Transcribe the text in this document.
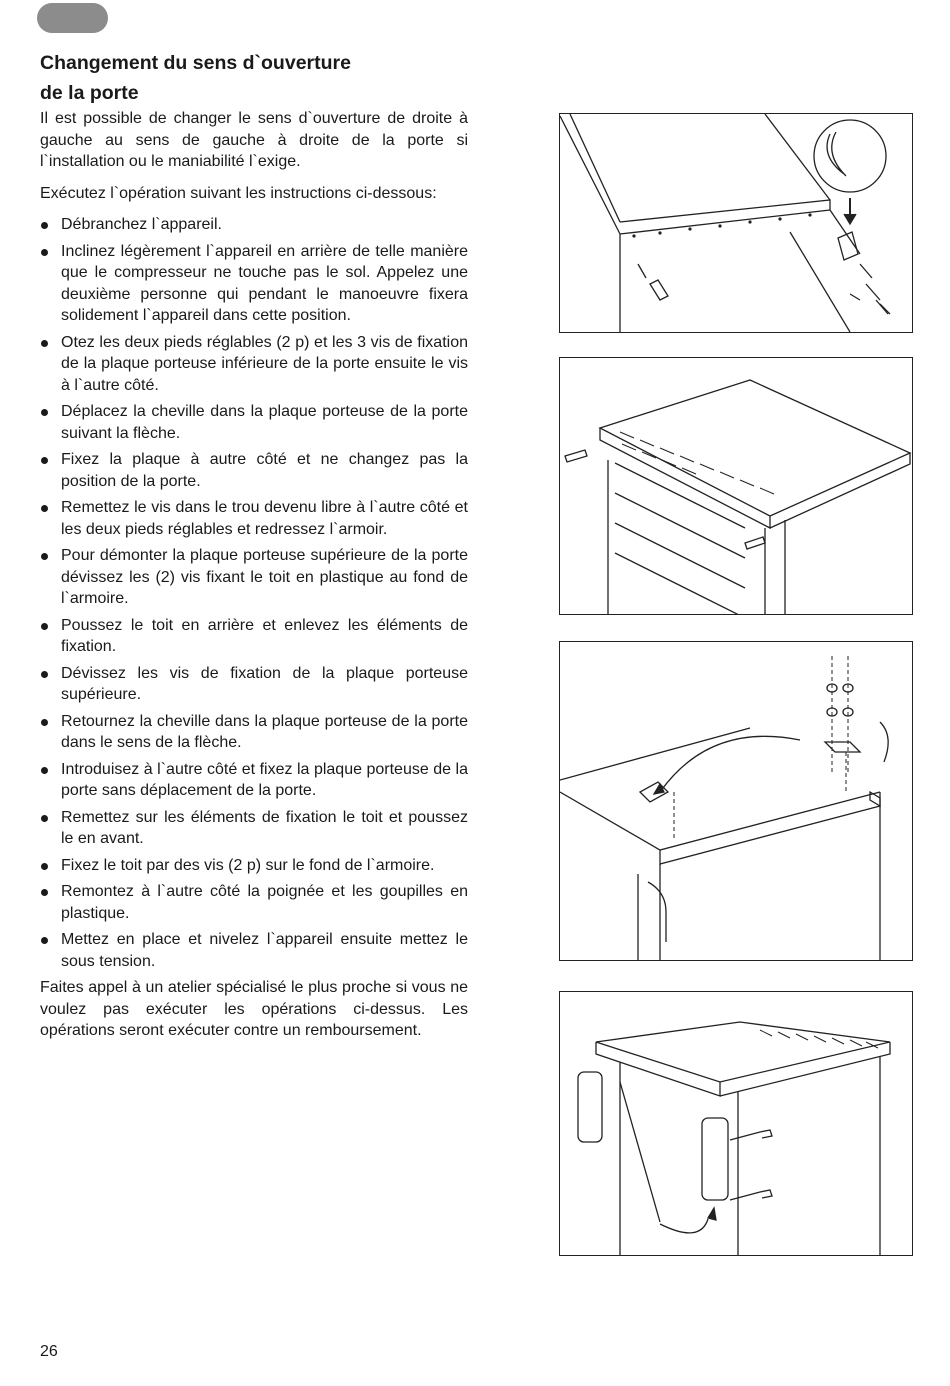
Changement du sens d`ouverture
de la porte

Il est possible de changer le sens d`ouverture de droite à gauche au sens de gauche à droite de la porte si l`installation ou le maniabilité l`exige.

Exécutez l`opération suivant les instructions ci-dessous:

Débranchez l`appareil.
Inclinez légèrement l`appareil en arrière de telle manière que le compresseur ne touche pas le sol. Appelez une deuxième personne qui pendant le manoeuvre fixera solidement l`appareil dans cette position.
Otez les deux pieds réglables (2 p) et les 3 vis de fixation de la plaque porteuse inférieure de la porte ensuite le vis à l`autre côté.
Déplacez la cheville dans la plaque porteuse de la porte suivant la flèche.
Fixez la plaque à autre côté et ne changez pas la position de la porte.
Remettez le vis dans le trou devenu libre à l`autre côté et les deux pieds réglables et redressez l`armoir.
Pour démonter la plaque porteuse supérieure de la porte dévissez les (2) vis fixant le toit en plastique au fond de l`armoire.
Poussez le toit en arrière et enlevez les éléments de fixation.
Dévissez les vis de fixation de la plaque porteuse supérieure.
Retournez la cheville dans la plaque porteuse de la porte dans le sens de la flèche.
Introduisez à l`autre côté et fixez la plaque porteuse de la porte sans déplacement de la porte.
Remettez sur les éléments de fixation le toit et poussez le en avant.
Fixez le toit par des vis (2 p) sur le fond de l`armoire.
Remontez à l`autre côté la poignée et les goupilles en plastique.
Mettez en place et nivelez l`appareil ensuite mettez le sous tension.

Faites appel à un atelier spécialisé le plus proche si vous ne voulez pas exécuter les opérations ci-dessus. Les opérations seront exécuter contre un remboursement.

26
